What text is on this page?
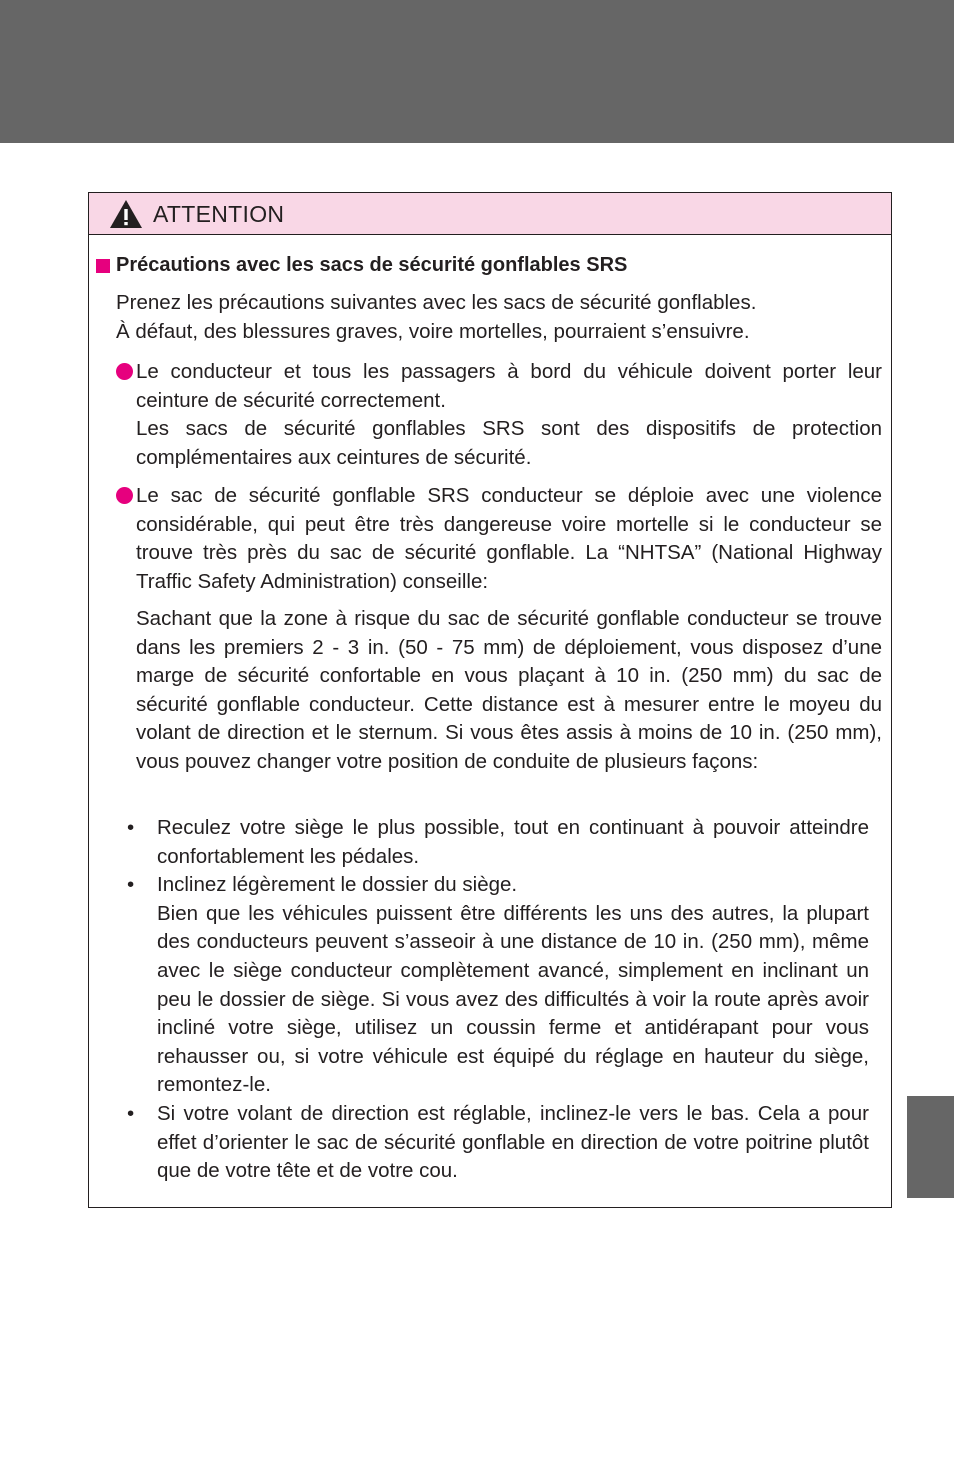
ATTENTION
Précautions avec les sacs de sécurité gonflables SRS

Prenez les précautions suivantes avec les sacs de sécurité gonflables.

À défaut, des blessures graves, voire mortelles, pourraient s’ensuivre.

Le conducteur et tous les passagers à bord du véhicule doivent porter leur ceinture de sécurité correctement.

Les sacs de sécurité gonflables SRS sont des dispositifs de protection complémentaires aux ceintures de sécurité.

Le sac de sécurité gonflable SRS conducteur se déploie avec une violence considérable, qui peut être très dangereuse voire mortelle si le conducteur se trouve très près du sac de sécurité gonflable. La “NHTSA” (National Highway Traffic Safety Administration) conseille:

Sachant que la zone à risque du sac de sécurité gonflable conducteur se trouve dans les premiers 2 - 3 in. (50 - 75 mm) de déploiement, vous disposez d’une marge de sécurité confortable en vous plaçant à 10 in. (250 mm) du sac de sécurité gonflable conducteur. Cette distance est à mesurer entre le moyeu du volant de direction et le sternum. Si vous êtes assis à moins de 10 in. (250 mm), vous pouvez changer votre position de conduite de plusieurs façons:
• Reculez votre siège le plus possible, tout en continuant à pouvoir atteindre confortablement les pédales.

• Inclinez légèrement le dossier du siège.

Bien que les véhicules puissent être différents les uns des autres, la plupart des conducteurs peuvent s’asseoir à une distance de 10 in. (250 mm), même avec le siège conducteur complètement avancé, simplement en inclinant un peu le dossier de siège. Si vous avez des difficultés à voir la route après avoir incliné votre siège, utilisez un coussin ferme et antidérapant pour vous rehausser ou, si votre véhicule est équipé du réglage en hauteur du siège, remontez-le.

• Si votre volant de direction est réglable, inclinez-le vers le bas. Cela a pour effet d’orienter le sac de sécurité gonflable en direction de votre poitrine plutôt que de votre tête et de votre cou.
